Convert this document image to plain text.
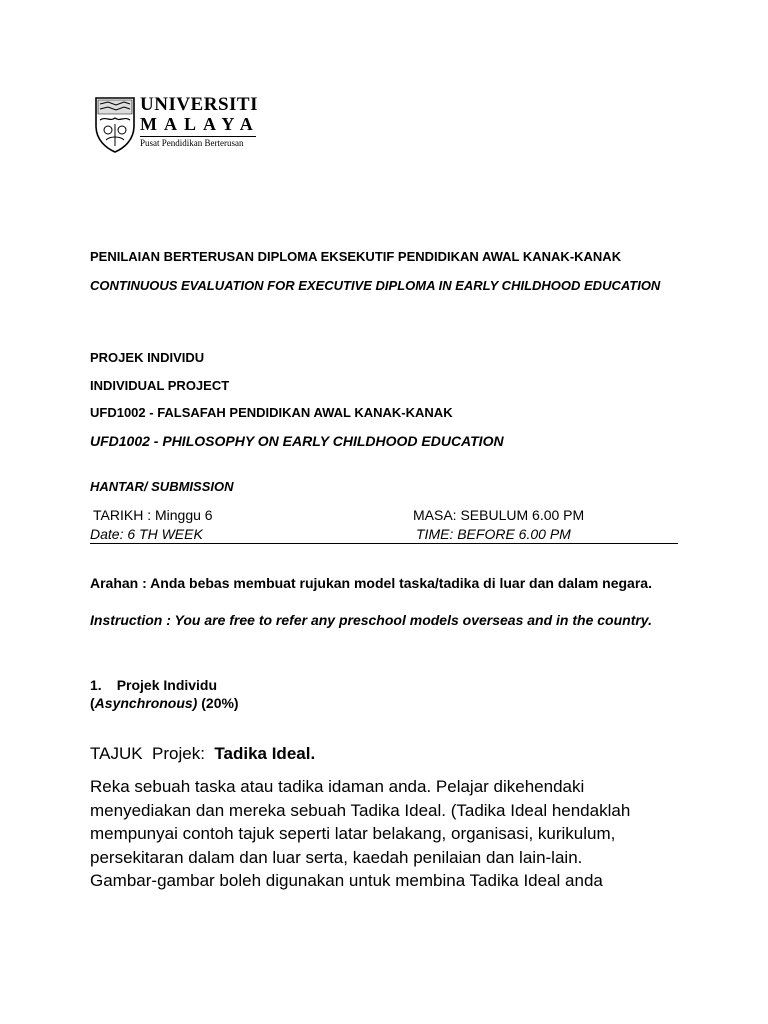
UNIVERSITI
MALAYA
Pusat Pendidikan Berterusan
PENILAIAN BERTERUSAN DIPLOMA EKSEKUTIF PENDIDIKAN AWAL KANAK-KANAK
CONTINUOUS EVALUATION FOR EXECUTIVE DIPLOMA IN EARLY CHILDHOOD EDUCATION
PROJEK INDIVIDU
INDIVIDUAL PROJECT
UFD1002 - FALSAFAH PENDIDIKAN AWAL KANAK-KANAK
UFD1002 - PHILOSOPHY ON EARLY CHILDHOOD EDUCATION
HANTAR/ SUBMISSION
TARIKH : Minggu 6
Date: 6 TH WEEK
MASA: SEBULUM 6.00 PM
TIME: BEFORE 6.00 PM
Arahan : Anda bebas membuat rujukan model taska/tadika di luar dan dalam negara.
Instruction : You are free to refer any preschool models overseas and in the country.
1. Projek Individu
(Asynchronous) (20%)
TAJUK  Projek:  Tadika Ideal.
Reka sebuah taska atau tadika idaman anda. Pelajar dikehendaki
menyediakan dan mereka sebuah Tadika Ideal. (Tadika Ideal hendaklah
mempunyai contoh tajuk seperti latar belakang, organisasi, kurikulum,
persekitaran dalam dan luar serta, kaedah penilaian dan lain-lain.
Gambar-gambar boleh digunakan untuk membina Tadika Ideal anda
